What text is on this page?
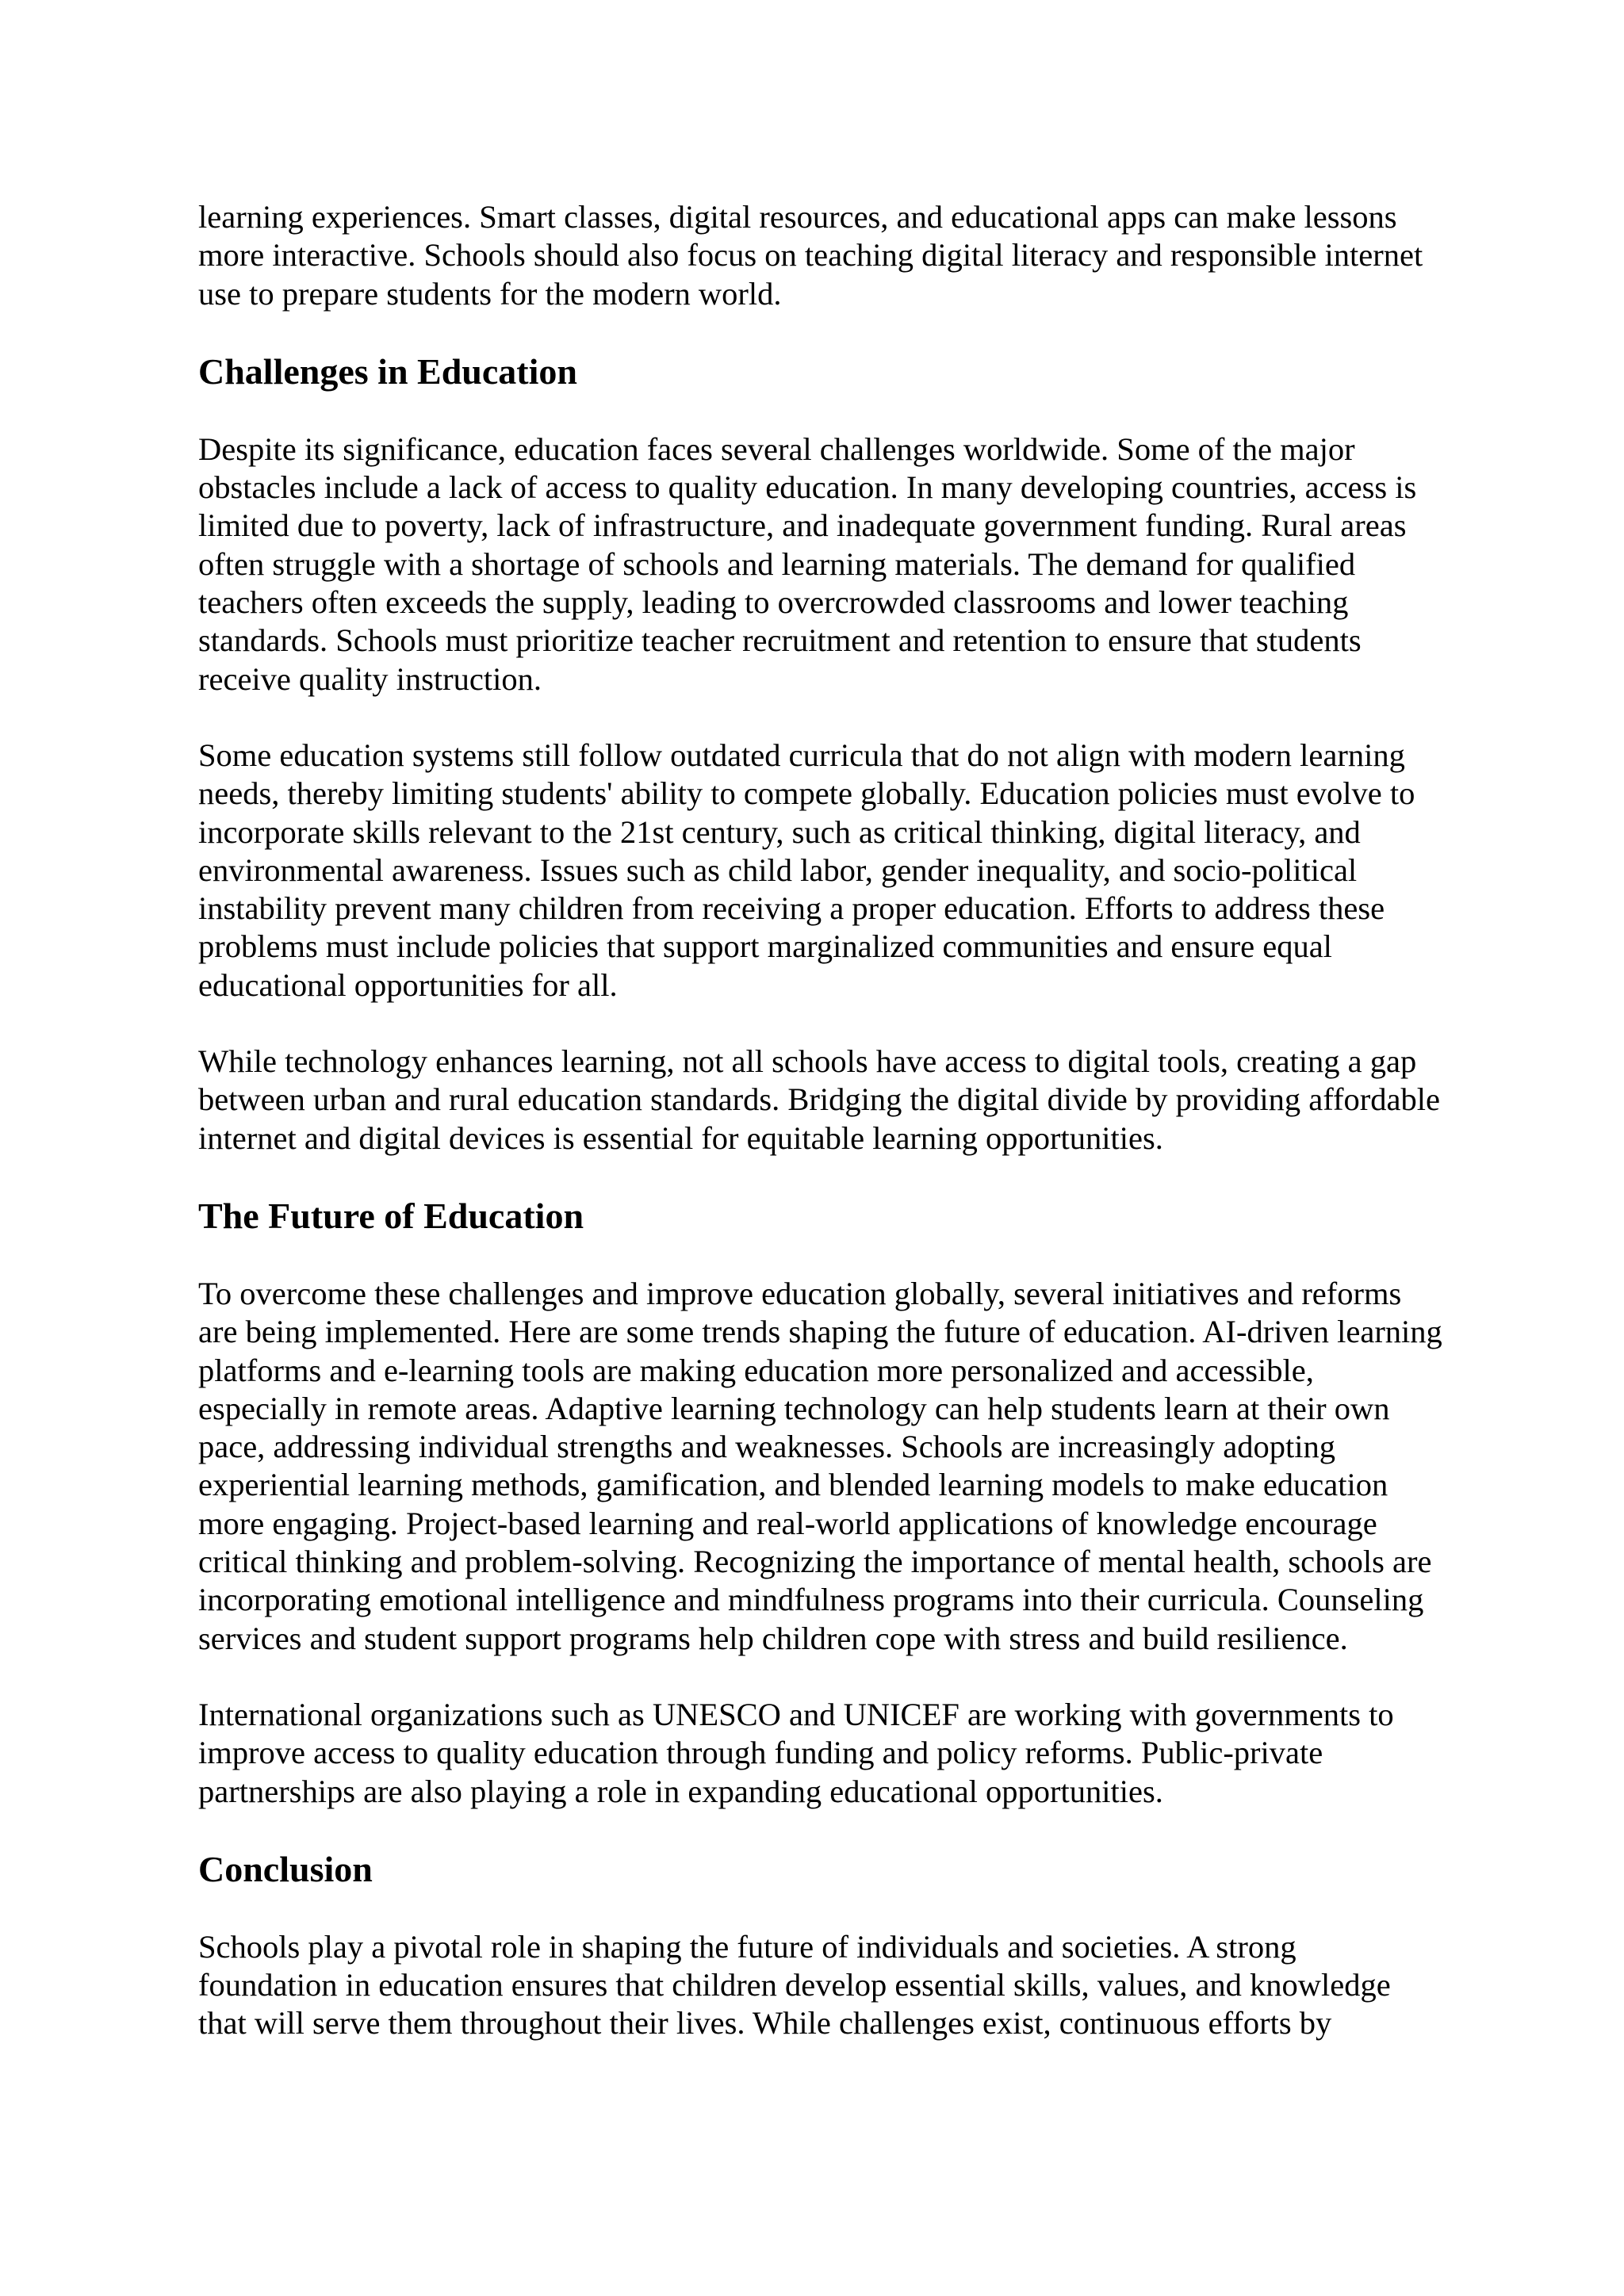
learning experiences. Smart classes, digital resources, and educational apps can make lessons more interactive. Schools should also focus on teaching digital literacy and responsible internet use to prepare students for the modern world.

Challenges in Education

Despite its significance, education faces several challenges worldwide. Some of the major obstacles include a lack of access to quality education. In many developing countries, access is limited due to poverty, lack of infrastructure, and inadequate government funding. Rural areas often struggle with a shortage of schools and learning materials. The demand for qualified teachers often exceeds the supply, leading to overcrowded classrooms and lower teaching standards. Schools must prioritize teacher recruitment and retention to ensure that students receive quality instruction.

Some education systems still follow outdated curricula that do not align with modern learning needs, thereby limiting students' ability to compete globally. Education policies must evolve to incorporate skills relevant to the 21st century, such as critical thinking, digital literacy, and environmental awareness. Issues such as child labor, gender inequality, and socio-political instability prevent many children from receiving a proper education. Efforts to address these problems must include policies that support marginalized communities and ensure equal educational opportunities for all.

While technology enhances learning, not all schools have access to digital tools, creating a gap between urban and rural education standards. Bridging the digital divide by providing affordable internet and digital devices is essential for equitable learning opportunities.

The Future of Education

To overcome these challenges and improve education globally, several initiatives and reforms are being implemented. Here are some trends shaping the future of education. AI-driven learning platforms and e-learning tools are making education more personalized and accessible, especially in remote areas. Adaptive learning technology can help students learn at their own pace, addressing individual strengths and weaknesses. Schools are increasingly adopting experiential learning methods, gamification, and blended learning models to make education more engaging. Project-based learning and real-world applications of knowledge encourage critical thinking and problem-solving. Recognizing the importance of mental health, schools are incorporating emotional intelligence and mindfulness programs into their curricula. Counseling services and student support programs help children cope with stress and build resilience.

International organizations such as UNESCO and UNICEF are working with governments to improve access to quality education through funding and policy reforms. Public-private partnerships are also playing a role in expanding educational opportunities.

Conclusion

Schools play a pivotal role in shaping the future of individuals and societies. A strong foundation in education ensures that children develop essential skills, values, and knowledge that will serve them throughout their lives. While challenges exist, continuous efforts by
